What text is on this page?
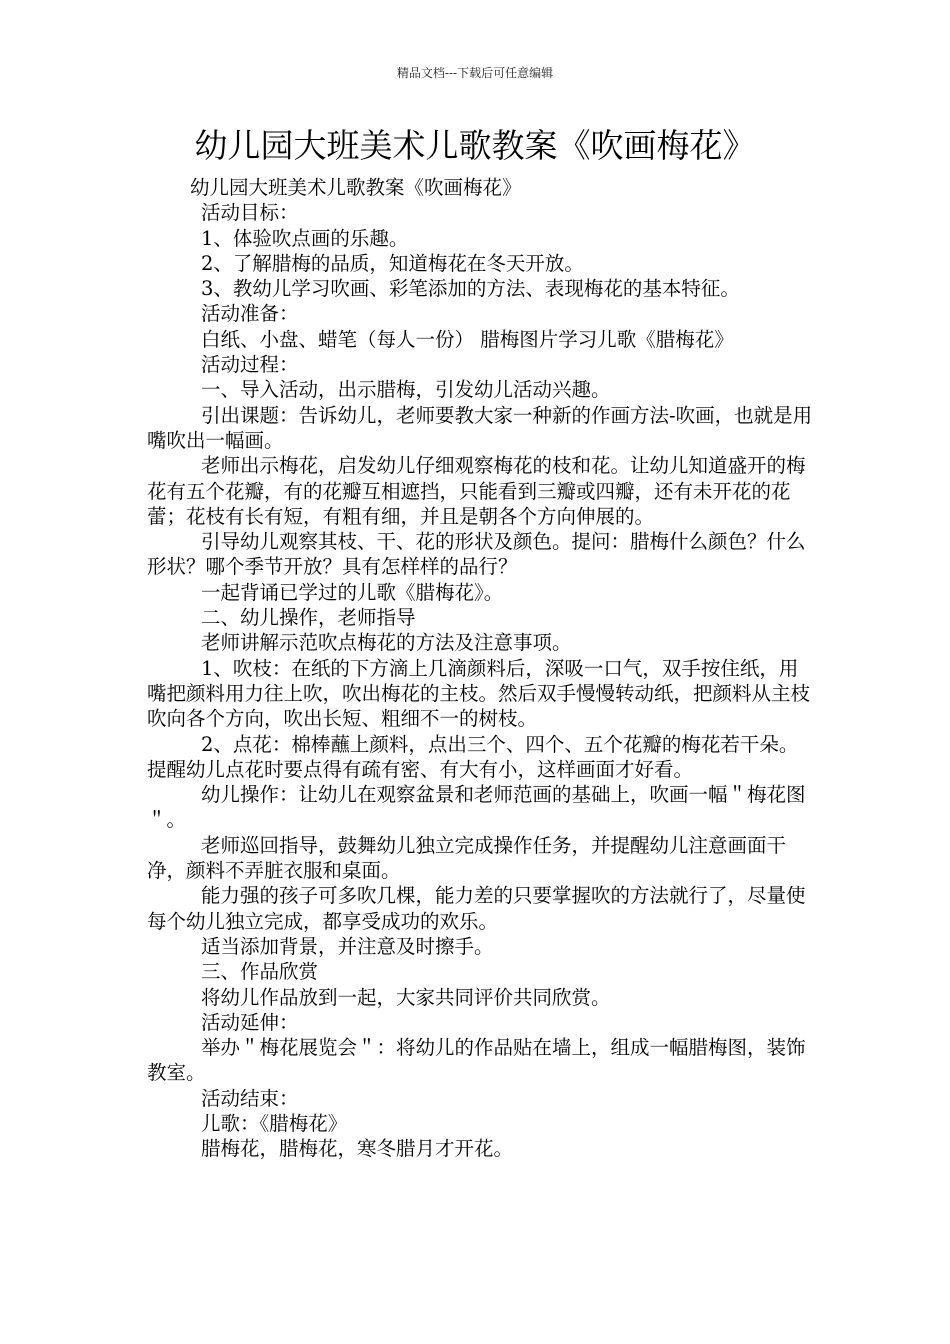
精品文档---下载后可任意编辑
幼儿园大班美术儿歌教案《吹画梅花》

幼儿园大班美术儿歌教案《吹画梅花》

活动目标：

1、体验吹点画的乐趣。

2、了解腊梅的品质，知道梅花在冬天开放。

3、教幼儿学习吹画、彩笔添加的方法、表现梅花的基本特征。

活动准备：

白纸、小盘、蜡笔（每人一份） 腊梅图片学习儿歌《腊梅花》

活动过程：

一、导入活动，出示腊梅，引发幼儿活动兴趣。

引出课题：告诉幼儿，老师要教大家一种新的作画方法-吹画，也就是用嘴吹出一幅画。

老师出示梅花，启发幼儿仔细观察梅花的枝和花。让幼儿知道盛开的梅花有五个花瓣，有的花瓣互相遮挡，只能看到三瓣或四瓣，还有未开花的花蕾；花枝有长有短，有粗有细，并且是朝各个方向伸展的。

引导幼儿观察其枝、干、花的形状及颜色。提问：腊梅什么颜色？什么形状？哪个季节开放？具有怎样样的品行？

一起背诵已学过的儿歌《腊梅花》。

二、幼儿操作，老师指导

老师讲解示范吹点梅花的方法及注意事项。

1、吹枝：在纸的下方滴上几滴颜料后，深吸一口气，双手按住纸，用嘴把颜料用力往上吹，吹出梅花的主枝。然后双手慢慢转动纸，把颜料从主枝吹向各个方向，吹出长短、粗细不一的树枝。

2、点花：棉棒蘸上颜料，点出三个、四个、五个花瓣的梅花若干朵。提醒幼儿点花时要点得有疏有密、有大有小，这样画面才好看。

幼儿操作：让幼儿在观察盆景和老师范画的基础上，吹画一幅＂梅花图＂。

老师巡回指导，鼓舞幼儿独立完成操作任务，并提醒幼儿注意画面干净，颜料不弄脏衣服和桌面。

能力强的孩子可多吹几棵，能力差的只要掌握吹的方法就行了，尽量使每个幼儿独立完成，都享受成功的欢乐。

适当添加背景，并注意及时擦手。

三、作品欣赏

将幼儿作品放到一起，大家共同评价共同欣赏。

活动延伸：

举办＂梅花展览会＂：将幼儿的作品贴在墙上，组成一幅腊梅图，装饰教室。

活动结束：

儿歌：《腊梅花》

腊梅花，腊梅花，寒冬腊月才开花。
